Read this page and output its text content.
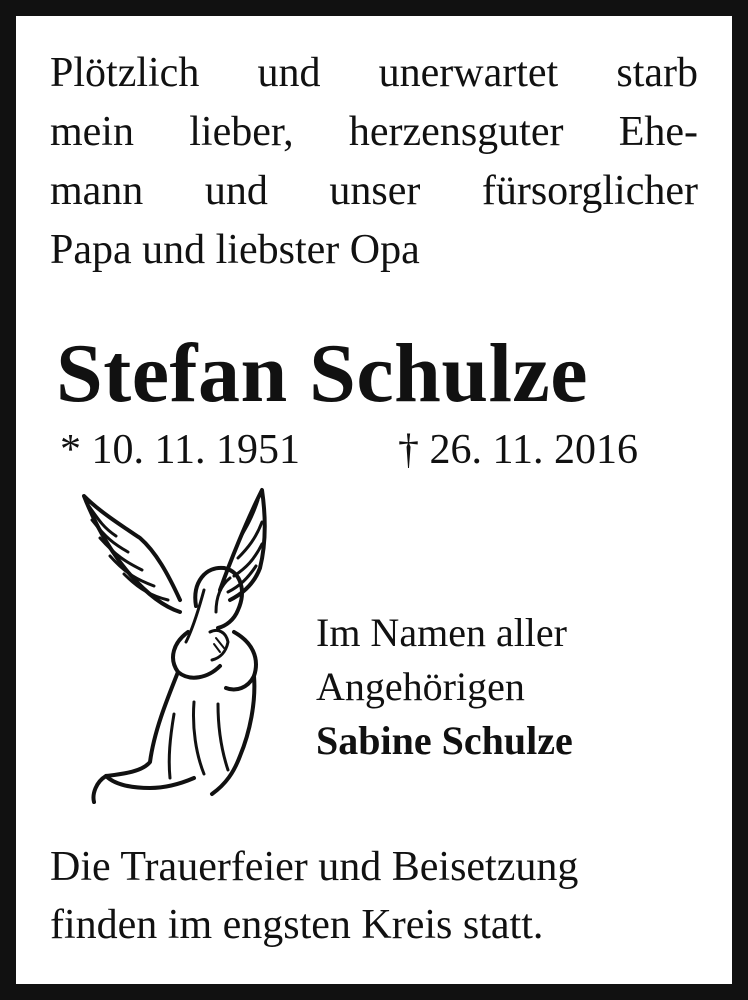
Plötzlich und unerwartet starb
mein lieber, herzensguter Ehe-
mann und unser fürsorglicher
Papa und liebster Opa
Stefan Schulze
* 10. 11. 1951 † 26. 11. 2016
Im Namen aller
Angehörigen
Sabine Schulze
Die Trauerfeier und Beisetzung
finden im engsten Kreis statt.
